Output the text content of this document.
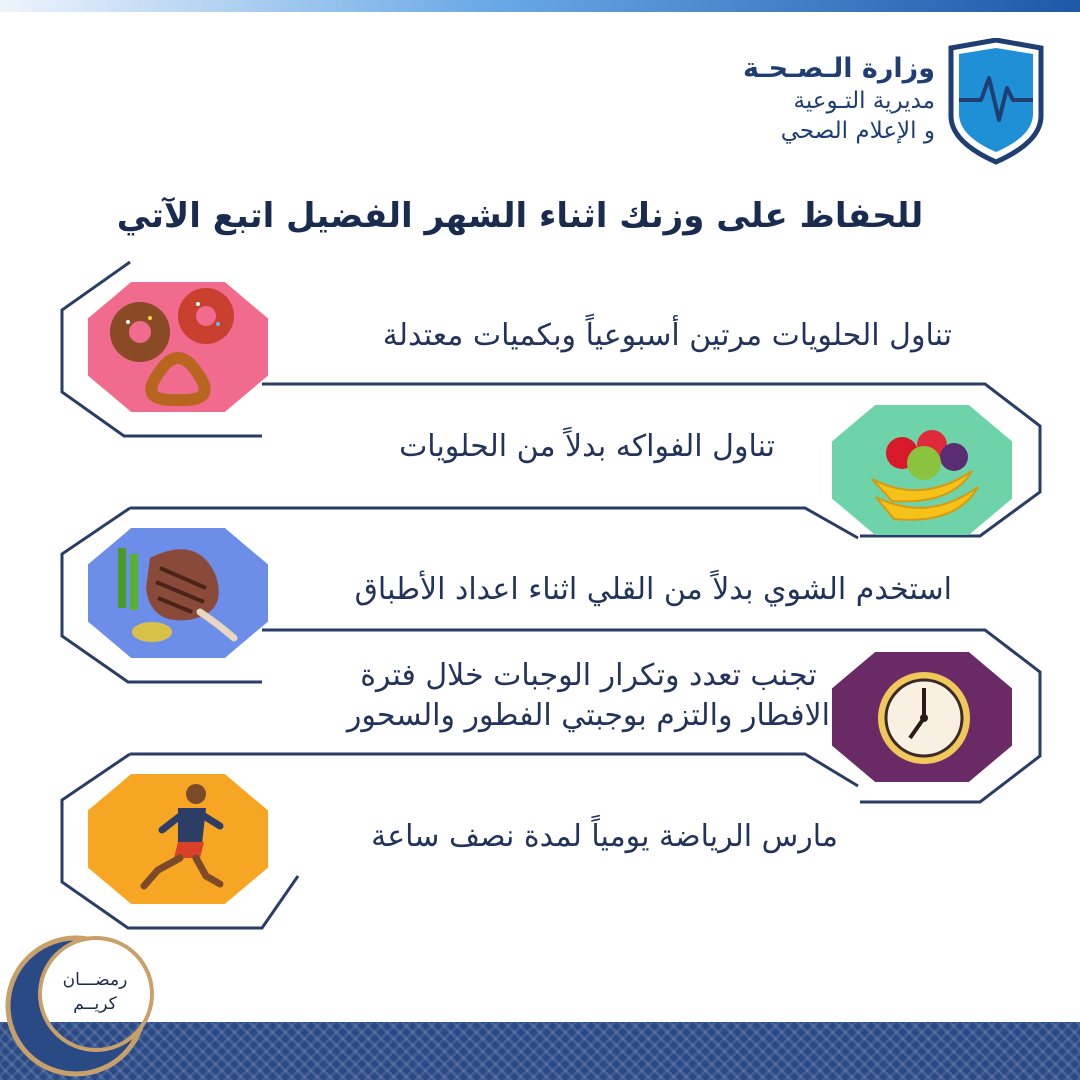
وزارة الـصـحـة
مديرية التـوعية
و الإعلام الصحي
للحفاظ على وزنك اثناء الشهر الفضيل اتبع الآتي
تناول الحلويات مرتين أسبوعياً وبكميات معتدلة
تناول الفواكه بدلاً من الحلويات
استخدم الشوي بدلاً من القلي اثناء اعداد الأطباق
تجنب تعدد وتكرار الوجبات خلال فترة
الافطار والتزم بوجبتي الفطور والسحور
مارس الرياضة يومياً لمدة نصف ساعة
رمضـــان
كريــم
